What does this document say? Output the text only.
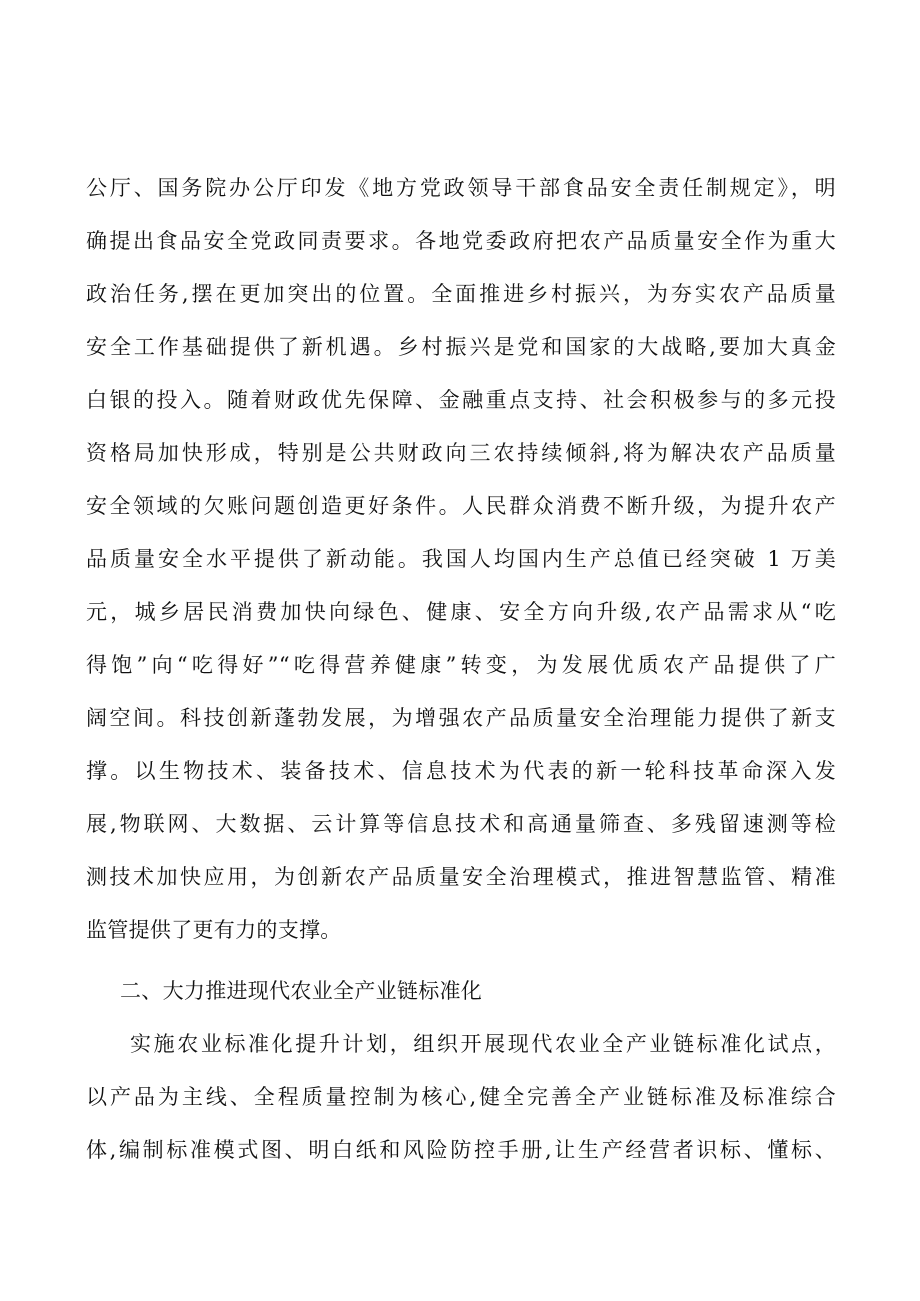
公厅、国务院办公厅印发《地方党政领导干部食品安全责任制规定》，明
确提出食品安全党政同责要求。各地党委政府把农产品质量安全作为重大
政治任务,摆在更加突出的位置。全面推进乡村振兴，为夯实农产品质量
安全工作基础提供了新机遇。乡村振兴是党和国家的大战略,要加大真金
白银的投入。随着财政优先保障、金融重点支持、社会积极参与的多元投
资格局加快形成，特别是公共财政向三农持续倾斜,将为解决农产品质量
安全领域的欠账问题创造更好条件。人民群众消费不断升级，为提升农产
品质量安全水平提供了新动能。我国人均国内生产总值已经突破 1 万美
元，城乡居民消费加快向绿色、健康、安全方向升级,农产品需求从“吃
得饱”向“吃得好”“吃得营养健康”转变，为发展优质农产品提供了广
阔空间。科技创新蓬勃发展，为增强农产品质量安全治理能力提供了新支
撑。以生物技术、装备技术、信息技术为代表的新一轮科技革命深入发
展,物联网、大数据、云计算等信息技术和高通量筛查、多残留速测等检
测技术加快应用，为创新农产品质量安全治理模式，推进智慧监管、精准
监管提供了更有力的支撑。
二、大力推进现代农业全产业链标准化
实施农业标准化提升计划，组织开展现代农业全产业链标准化试点，
以产品为主线、全程质量控制为核心,健全完善全产业链标准及标准综合
体,编制标准模式图、明白纸和风险防控手册,让生产经营者识标、懂标、
